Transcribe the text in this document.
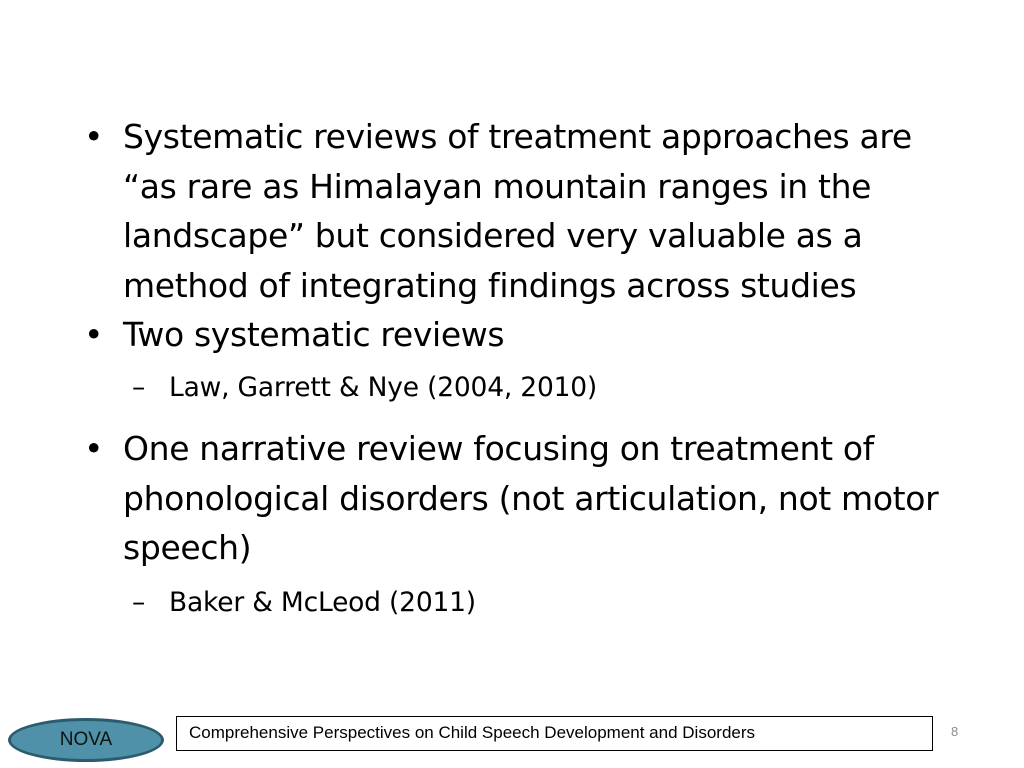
• Systematic reviews of treatment approaches are “as rare as Himalayan mountain ranges in the landscape” but considered very valuable as a method of integrating findings across studies
• Two systematic reviews
– Law, Garrett & Nye (2004, 2010)
• One narrative review focusing on treatment of phonological disorders (not articulation, not motor speech)
– Baker & McLeod (2011)
NOVA	Comprehensive Perspectives on Child Speech Development and Disorders	8
